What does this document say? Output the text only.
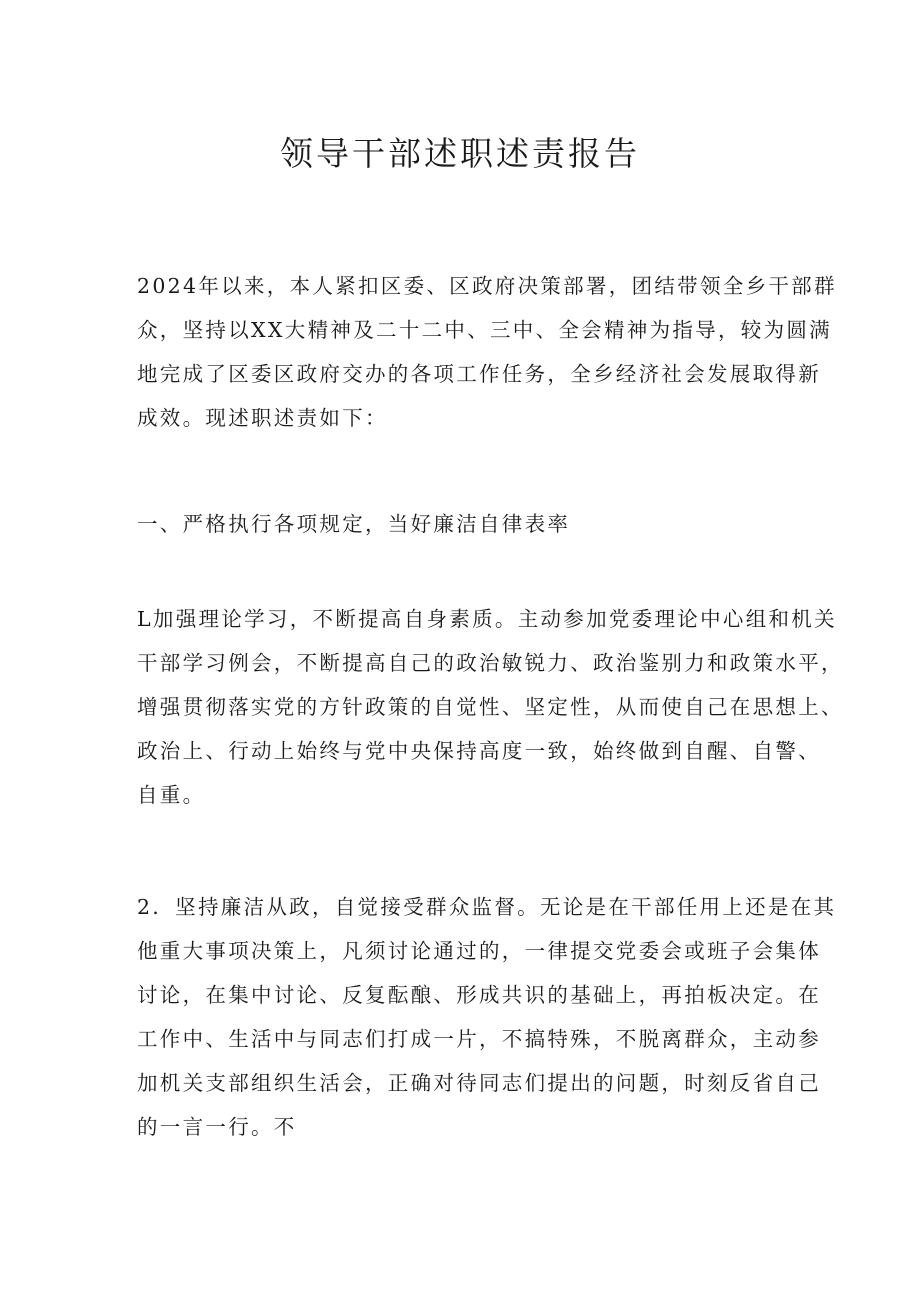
领导干部述职述责报告

2024年以来，本人紧扣区委、区政府决策部署，团结带领全乡干部群
众，坚持以XX大精神及二十二中、三中、全会精神为指导，较为圆满
地完成了区委区政府交办的各项工作任务，全乡经济社会发展取得新
成效。现述职述责如下：

一、严格执行各项规定，当好廉洁自律表率

L加强理论学习，不断提高自身素质。主动参加党委理论中心组和机关
干部学习例会，不断提高自己的政治敏锐力、政治鉴别力和政策水平，
增强贯彻落实党的方针政策的自觉性、坚定性，从而使自己在思想上、
政治上、行动上始终与党中央保持高度一致，始终做到自醒、自警、
自重。

2．坚持廉洁从政，自觉接受群众监督。无论是在干部任用上还是在其
他重大事项决策上，凡须讨论通过的，一律提交党委会或班子会集体
讨论，在集中讨论、反复酝酿、形成共识的基础上，再拍板决定。在
工作中、生活中与同志们打成一片，不搞特殊，不脱离群众，主动参
加机关支部组织生活会，正确对待同志们提出的问题，时刻反省自己
的一言一行。不
